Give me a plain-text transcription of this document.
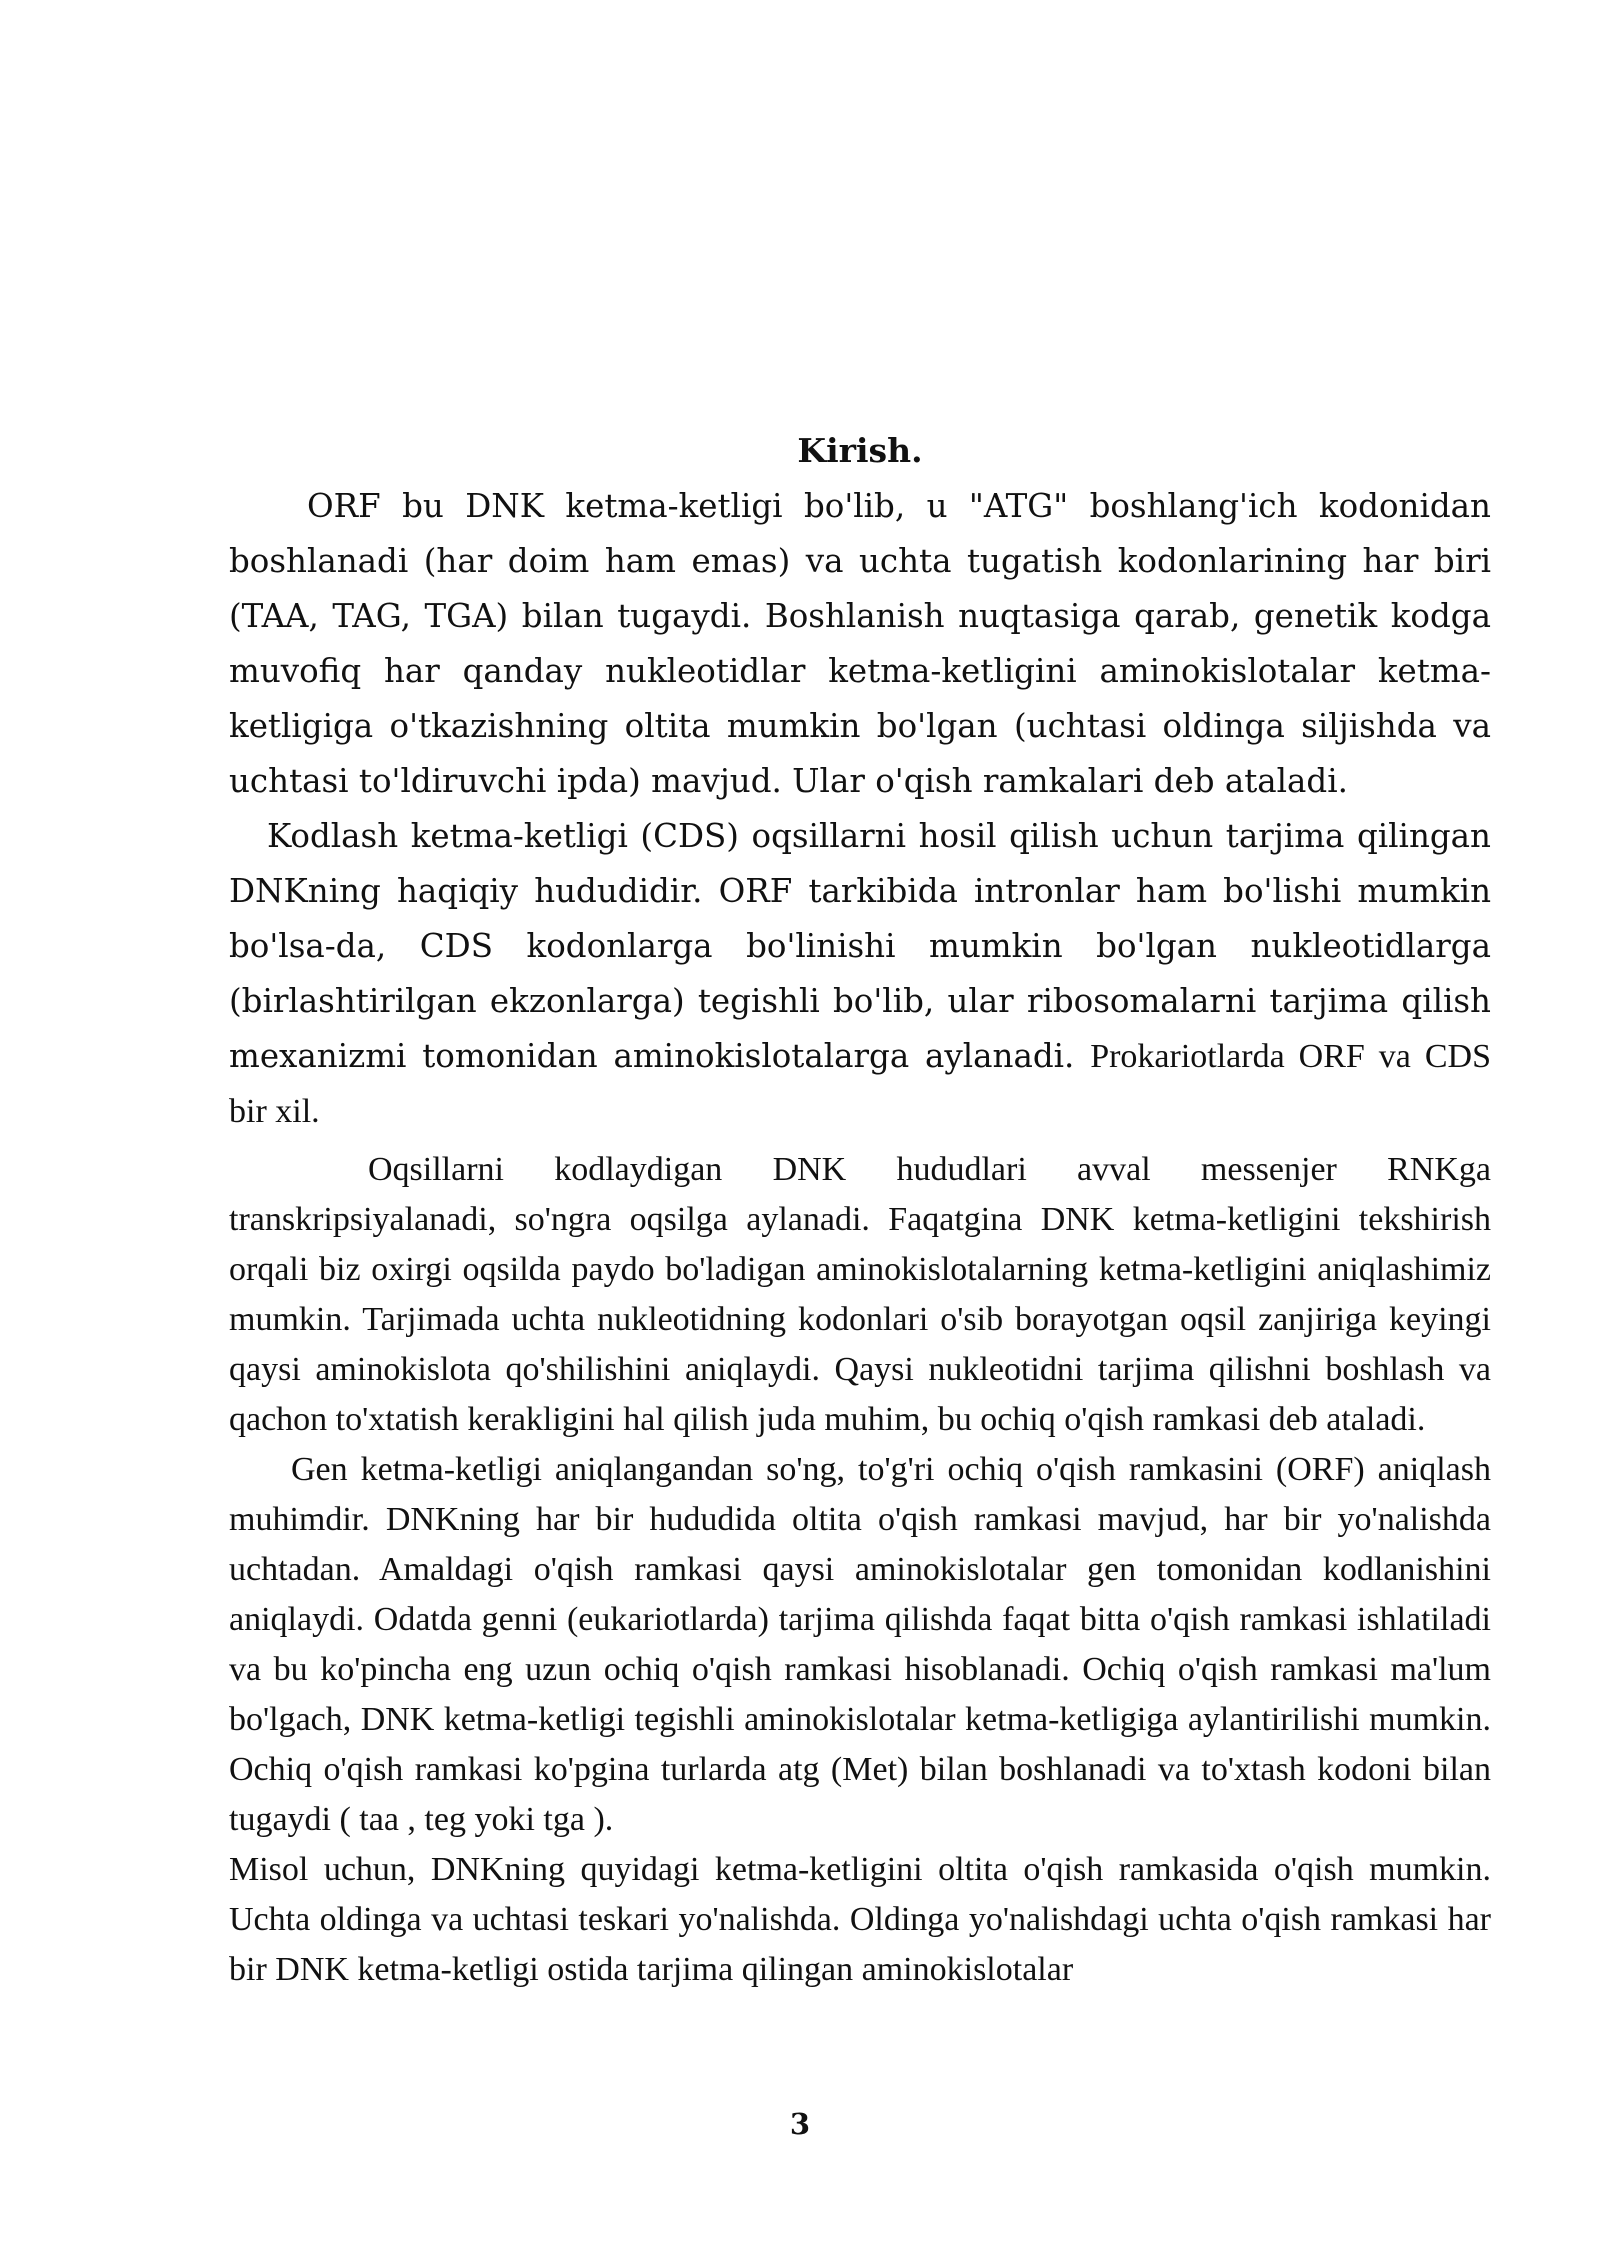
Kirish.

ORF bu DNK ketma-ketligi bo'lib, u "ATG" boshlang'ich kodonidan boshlanadi (har doim ham emas) va uchta tugatish kodonlarining har biri (TAA, TAG, TGA) bilan tugaydi. Boshlanish nuqtasiga qarab, genetik kodga muvofiq har qanday nukleotidlar ketma-ketligini aminokislotalar ketma-ketligiga o'tkazishning oltita mumkin bo'lgan (uchtasi oldinga siljishda va uchtasi to'ldiruvchi ipda) mavjud. Ular o'qish ramkalari deb ataladi.

Kodlash ketma-ketligi (CDS) oqsillarni hosil qilish uchun tarjima qilingan DNKning haqiqiy hududidir. ORF tarkibida intronlar ham bo'lishi mumkin bo'lsa-da, CDS kodonlarga bo'linishi mumkin bo'lgan nukleotidlarga (birlashtirilgan ekzonlarga) tegishli bo'lib, ular ribosomalarni tarjima qilish mexanizmi tomonidan aminokislotalarga aylanadi. Prokariotlarda ORF va CDS bir xil.

Oqsillarni kodlaydigan DNK hududlari avval messenjer RNKga transkripsiyalanadi, so'ngra oqsilga aylanadi. Faqatgina DNK ketma-ketligini tekshirish orqali biz oxirgi oqsilda paydo bo'ladigan aminokislotalarning ketma-ketligini aniqlashimiz mumkin. Tarjimada uchta nukleotidning kodonlari o'sib borayotgan oqsil zanjiriga keyingi qaysi aminokislota qo'shilishini aniqlaydi. Qaysi nukleotidni tarjima qilishni boshlash va qachon to'xtatish kerakligini hal qilish juda muhim, bu ochiq o'qish ramkasi deb ataladi.

Gen ketma-ketligi aniqlangandan so'ng, to'g'ri ochiq o'qish ramkasini (ORF) aniqlash muhimdir. DNKning har bir hududida oltita o'qish ramkasi mavjud, har bir yo'nalishda uchtadan. Amaldagi o'qish ramkasi qaysi aminokislotalar gen tomonidan kodlanishini aniqlaydi. Odatda genni (eukariotlarda) tarjima qilishda faqat bitta o'qish ramkasi ishlatiladi va bu ko'pincha eng uzun ochiq o'qish ramkasi hisoblanadi. Ochiq o'qish ramkasi ma'lum bo'lgach, DNK ketma-ketligi tegishli aminokislotalar ketma-ketligiga aylantirilishi mumkin. Ochiq o'qish ramkasi ko'pgina turlarda atg (Met) bilan boshlanadi va to'xtash kodoni bilan tugaydi ( taa , teg yoki tga ).

Misol uchun, DNKning quyidagi ketma-ketligini oltita o'qish ramkasida o'qish mumkin. Uchta oldinga va uchtasi teskari yo'nalishda. Oldinga yo'nalishdagi uchta o'qish ramkasi har bir DNK ketma-ketligi ostida tarjima qilingan aminokislotalar

3
